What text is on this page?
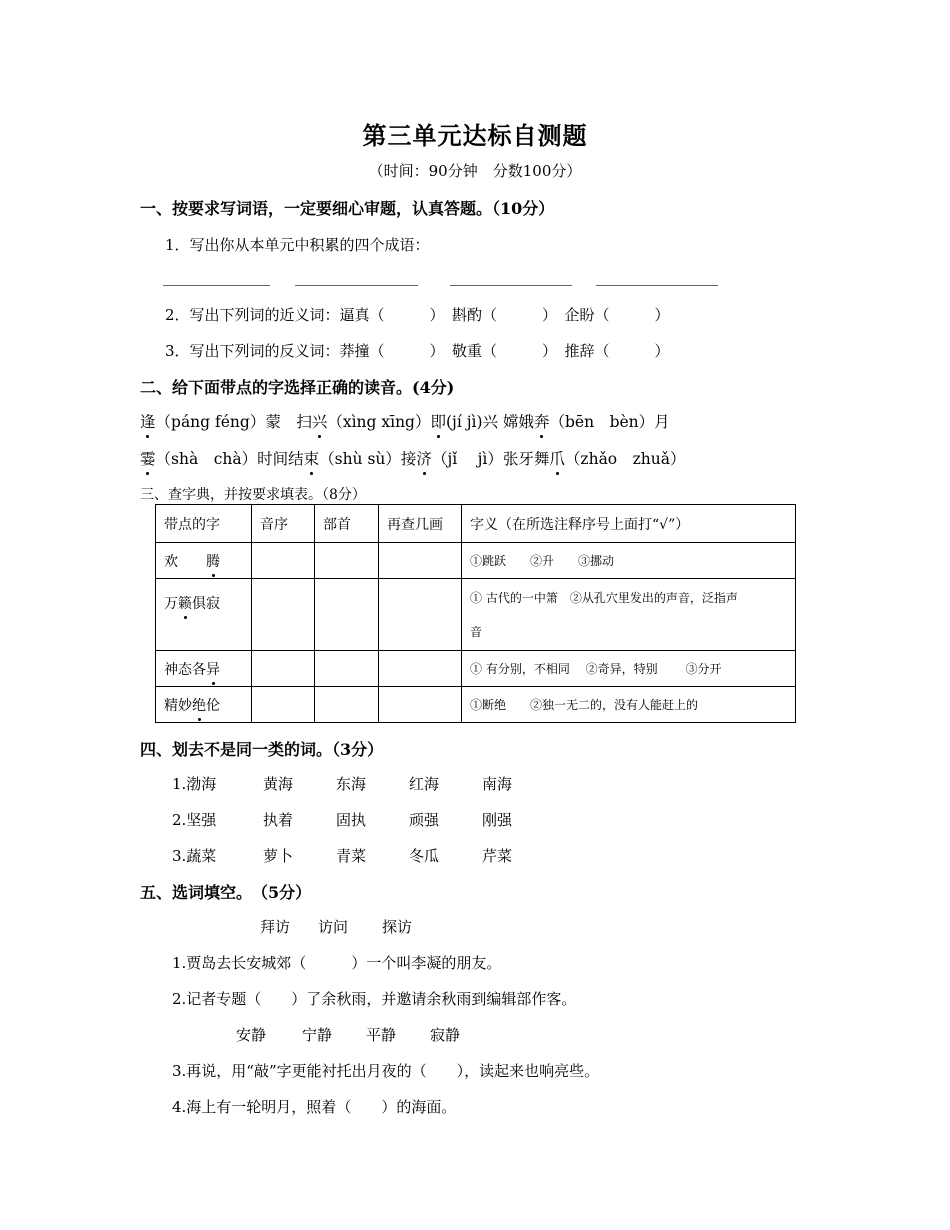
第三单元达标自测题
（时间：90分钟　分数100分）
一、按要求写词语，一定要细心审题，认真答题。（10分）
1．写出你从本单元中积累的四个成语：
2．写出下列词的近义词：逼真（　　　）　斟酌（　　　）　企盼（　　　）
3．写出下列词的反义词：莽撞（　　　）　敬重（　　　）　推辞（　　　）
二、给下面带点的字选择正确的读音。(4分)
逢（páng féng）蒙　扫兴（xìng xīng）即(jí jì)兴 嫦娥奔（bēn　bèn）月
霎（shà　chà）时间结束（shù sù）接济（jǐ　 jì）张牙舞爪（zhǎo　zhuǎ）
三、查字典，并按要求填表。（8分）
带点的字	音序	部首	再查几画	字义（在所选注释序号上面打“√”）
欢　　腾				①跳跃　　②升　　③挪动
万籁俱寂				① 古代的一中箫　②从孔穴里发出的声音，泛指声
音

神态各异				① 有分别，不相同　 ②奇异，特别　　 ③分开
精妙绝伦				①断绝　　②独一无二的，没有人能赶上的
四、划去不是同一类的词。（3分）
1.渤海	黄海	东海	红海	南海
2.坚强	执着	固执	顽强	刚强
3.蔬菜	萝卜	青菜	冬瓜	芹菜
五、选词填空。　（5分）
拜访 访问 探访
1.贾岛去长安城郊（　　　）一个叫李凝的朋友。
2.记者专题（　　）了余秋雨，并邀请余秋雨到编辑部作客。
安静 宁静 平静 寂静
3.再说，用“敲”字更能衬托出月夜的（　　），读起来也响亮些。
4.海上有一轮明月，照着（　　）的海面。
